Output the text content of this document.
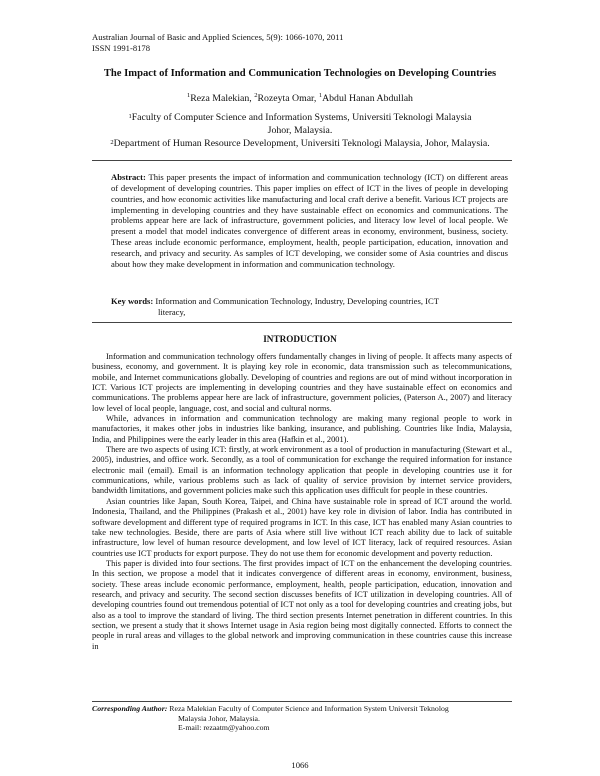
Australian Journal of Basic and Applied Sciences, 5(9): 1066-1070, 2011
ISSN 1991-8178
The Impact of Information and Communication Technologies on Developing Countries
$^1$Reza Malekian, $^2$Rozeyta Omar, $^1$Abdul Hanan Abdullah
$^1$Faculty of Computer Science and Information Systems, Universiti Teknologi Malaysia
Johor, Malaysia.
$^2$Department of Human Resource Development, Universiti Teknologi Malaysia, Johor, Malaysia.
Abstract: This paper presents the impact of information and communication technology (ICT) on different areas of development of developing countries. This paper implies on effect of ICT in the lives of people in developing countries, and how economic activities like manufacturing and local craft derive a benefit. Various ICT projects are implementing in developing countries and they have sustainable effect on economics and communications. The problems appear here are lack of infrastructure, government policies, and literacy low level of local people. We present a model that model indicates convergence of different areas in economy, environment, business, society. These areas include economic performance, employment, health, people participation, education, innovation and research, and privacy and security. As samples of ICT developing, we consider some of Asia countries and discus about how they make development in information and communication technology.
Key words: Information and Communication Technology, Industry, Developing countries, ICT
literacy,
INTRODUCTION

Information and communication technology offers fundamentally changes in living of people. It affects many aspects of business, economy, and government. It is playing key role in economic, data transmission such as telecommunications, mobile, and Internet communications globally. Developing of countries and regions are out of mind without incorporation in ICT. Various ICT projects are implementing in developing countries and they have sustainable effect on economics and communications. The problems appear here are lack of infrastructure, government policies, (Paterson A., 2007) and literacy low level of local people, language, cost, and social and cultural norms.

While, advances in information and communication technology are making many regional people to work in manufactories, it makes other jobs in industries like banking, insurance, and publishing. Countries like India, Malaysia, India, and Philippines were the early leader in this area (Hafkin et al., 2001).

There are two aspects of using ICT: firstly, at work environment as a tool of production in manufacturing (Stewart et al., 2005), industries, and office work. Secondly, as a tool of communication for exchange the required information for instance electronic mail (email). Email is an information technology application that people in developing countries use it for communications, while, various problems such as lack of quality of service provision by internet service providers, bandwidth limitations, and government policies make such this application uses difficult for people in these countries.

Asian countries like Japan, South Korea, Taipei, and China have sustainable role in spread of ICT around the world. Indonesia, Thailand, and the Philippines (Prakash et al., 2001) have key role in division of labor. India has contributed in software development and different type of required programs in ICT. In this case, ICT has enabled many Asian countries to take new technologies. Beside, there are parts of Asia where still live without ICT reach ability due to lack of suitable infrastructure, low level of human resource development, and low level of ICT literacy, lack of required resources. Asian countries use ICT products for export purpose. They do not use them for economic development and poverty reduction.

This paper is divided into four sections. The first provides impact of ICT on the enhancement the developing countries. In this section, we propose a model that it indicates convergence of different areas in economy, environment, business, society. These areas include economic performance, employment, health, people participation, education, innovation and research, and privacy and security. The second section discusses benefits of ICT utilization in developing countries. All of developing countries found out tremendous potential of ICT not only as a tool for developing countries and creating jobs, but also as a tool to improve the standard of living. The third section presents Internet penetration in different countries. In this section, we present a study that it shows Internet usage in Asia region being most digitally connected. Efforts to connect the people in rural areas and villages to the global network and improving communication in these countries cause this increase in

Corresponding Author: Reza Malekian Faculty of Computer Science and Information System Universit Teknolog
Malaysia Johor, Malaysia.
E-mail: rezaatm@yahoo.com
1066
